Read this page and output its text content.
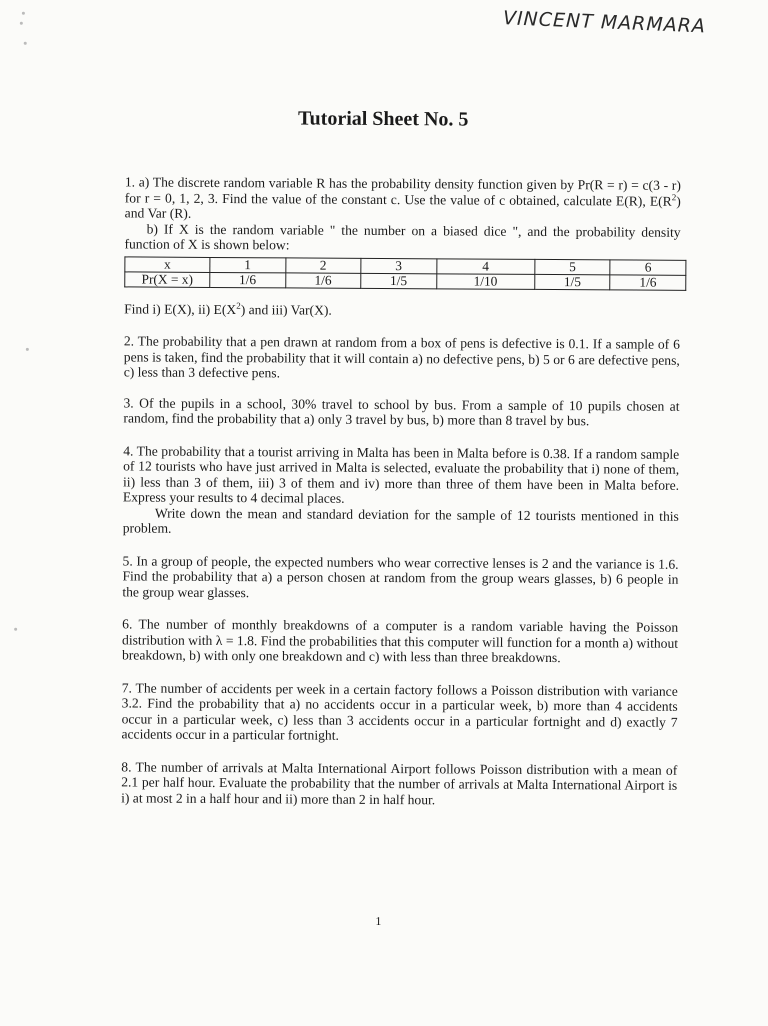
VINCENT MARMARA
Tutorial Sheet No. 5

1. a) The discrete random variable R has the probability density function given by Pr(R = r) = c(3 - r) for r = 0, 1, 2, 3. Find the value of the constant c. Use the value of c obtained, calculate E(R), $E(R^2)$ and Var (R).

b) If X is the random variable " the number on a biased dice ", and the probability density function of X is shown below:

x	1	2	3	4	5	6
Pr(X = x)	1/6	1/6	1/5	1/10	1/5	1/6

Find i) E(X), ii) $E(X^2)$ and iii) Var(X).

2. The probability that a pen drawn at random from a box of pens is defective is 0.1. If a sample of 6 pens is taken, find the probability that it will contain a) no defective pens, b) 5 or 6 are defective pens, c) less than 3 defective pens.

3. Of the pupils in a school, 30% travel to school by bus. From a sample of 10 pupils chosen at random, find the probability that a) only 3 travel by bus, b) more than 8 travel by bus.

4. The probability that a tourist arriving in Malta has been in Malta before is 0.38. If a random sample of 12 tourists who have just arrived in Malta is selected, evaluate the probability that i) none of them, ii) less than 3 of them, iii) 3 of them and iv) more than three of them have been in Malta before. Express your results to 4 decimal places.

Write down the mean and standard deviation for the sample of 12 tourists mentioned in this problem.

5. In a group of people, the expected numbers who wear corrective lenses is 2 and the variance is 1.6. Find the probability that a) a person chosen at random from the group wears glasses, b) 6 people in the group wear glasses.

6. The number of monthly breakdowns of a computer is a random variable having the Poisson distribution with λ = 1.8. Find the probabilities that this computer will function for a month a) without breakdown, b) with only one breakdown and c) with less than three breakdowns.

7. The number of accidents per week in a certain factory follows a Poisson distribution with variance 3.2. Find the probability that a) no accidents occur in a particular week, b) more than 4 accidents occur in a particular week, c) less than 3 accidents occur in a particular fortnight and d) exactly 7 accidents occur in a particular fortnight.

8. The number of arrivals at Malta International Airport follows Poisson distribution with a mean of 2.1 per half hour. Evaluate the probability that the number of arrivals at Malta International Airport is i) at most 2 in a half hour and ii) more than 2 in half hour.

1
